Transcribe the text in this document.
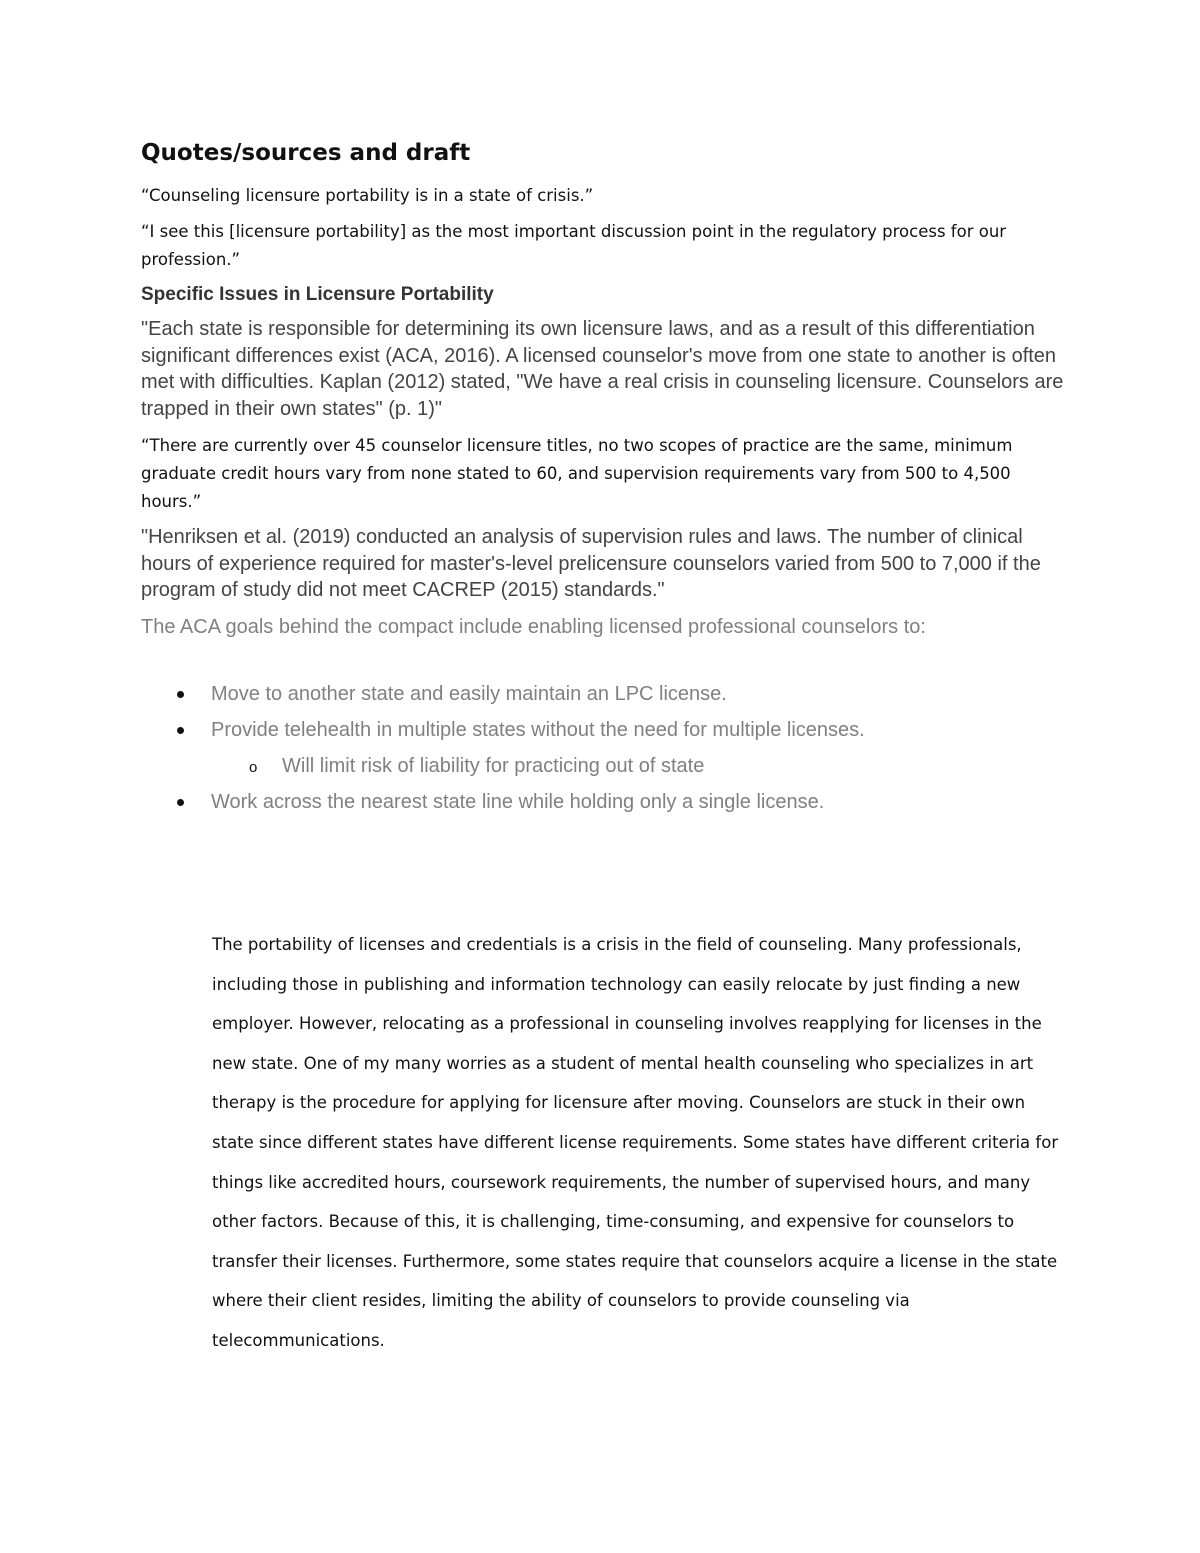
Quotes/sources and draft

“Counseling licensure portability is in a state of crisis.”

“I see this [licensure portability] as the most important discussion point in the regulatory process for our profession.”

Specific Issues in Licensure Portability

"Each state is responsible for determining its own licensure laws, and as a result of this differentiation significant differences exist (ACA, 2016). A licensed counselor's move from one state to another is often met with difficulties. Kaplan (2012) stated, "We have a real crisis in counseling licensure. Counselors are trapped in their own states" (p. 1)"

“There are currently over 45 counselor licensure titles, no two scopes of practice are the same, minimum graduate credit hours vary from none stated to 60, and supervision requirements vary from 500 to 4,500 hours.”

"Henriksen et al. (2019) conducted an analysis of supervision rules and laws. The number of clinical hours of experience required for master's-level prelicensure counselors varied from 500 to 7,000 if the program of study did not meet CACREP (2015) standards."

The ACA goals behind the compact include enabling licensed professional counselors to:

Move to another state and easily maintain an LPC license.
Provide telehealth in multiple states without the need for multiple licenses.
o Will limit risk of liability for practicing out of state
Work across the nearest state line while holding only a single license.

The portability of licenses and credentials is a crisis in the field of counseling. Many professionals, including those in publishing and information technology can easily relocate by just finding a new employer. However, relocating as a professional in counseling involves reapplying for licenses in the new state. One of my many worries as a student of mental health counseling who specializes in art therapy is the procedure for applying for licensure after moving. Counselors are stuck in their own state since different states have different license requirements. Some states have different criteria for things like accredited hours, coursework requirements, the number of supervised hours, and many other factors. Because of this, it is challenging, time-consuming, and expensive for counselors to transfer their licenses. Furthermore, some states require that counselors acquire a license in the state where their client resides, limiting the ability of counselors to provide counseling via telecommunications.
